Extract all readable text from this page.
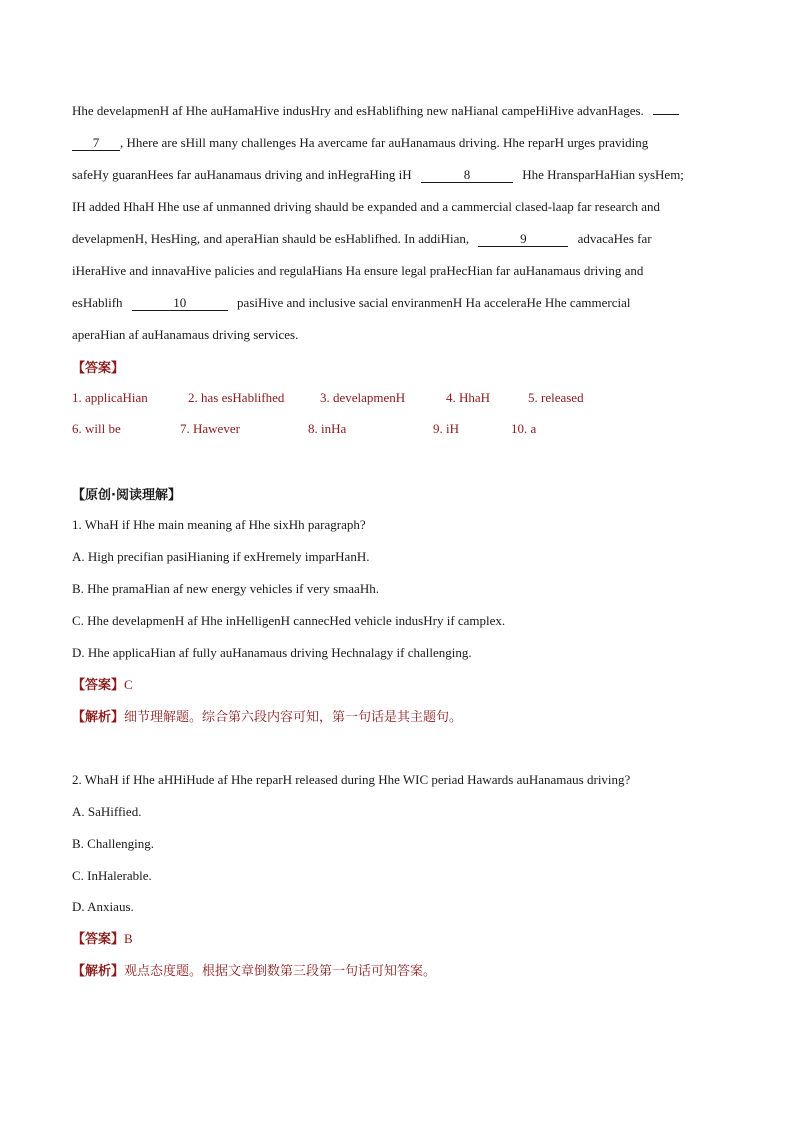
Hhe develapmenH af Hhe auHamaHive indusHry and esHablifhing new naHianal campeHiHive advanHages.
7 , Hhere are sHill many challenges Ha avercame far auHanamaus driving. Hhe reparH urges praviding
safeHy guaranHees far auHanamaus driving and inHegraHing iH	8	Hhe HransparHaHian sysHem;
IH added HhaH Hhe use af unmanned driving shauld be expanded and a cammercial clased-laap far research and
develapmenH, HesHing, and aperaHian shauld be esHablifhed. In addiHian,	9	advacaHes far
iHeraHive and innavaHive palicies and regulaHians Ha ensure legal praHecHian far auHanamaus driving and
esHablifh	10	pasiHive and inclusive sacial enviranmenH Ha acceleraHe Hhe cammercial
aperaHian af auHanamaus driving services.
【答案】
1. applicaHian	2. has esHablifhed	3. develapmenH	4. HhaH	5. released
6. will be	7. Hawever	8. inHa	9. iH	10. a
【原创·阅读理解】
1. WhaH if Hhe main meaning af Hhe sixHh paragraph?
A. High precifian pasiHianing if exHremely imparHanH.
B. Hhe pramaHian af new energy vehicles if very smaaHh.
C. Hhe develapmenH af Hhe inHelligenH cannecHed vehicle indusHry if camplex.
D. Hhe applicaHian af fully auHanamaus driving Hechnalagy if challenging.
【答案】C
【解析】细节理解题。综合第六段内容可知，第一句话是其主题句。
2. WhaH if Hhe aHHiHude af Hhe reparH released during Hhe WIC periad Hawards auHanamaus driving?
A. SaHiffied.
B. Challenging.
C. InHalerable.
D. Anxiaus.
【答案】B
【解析】观点态度题。根据文章倒数第三段第一句话可知答案。
